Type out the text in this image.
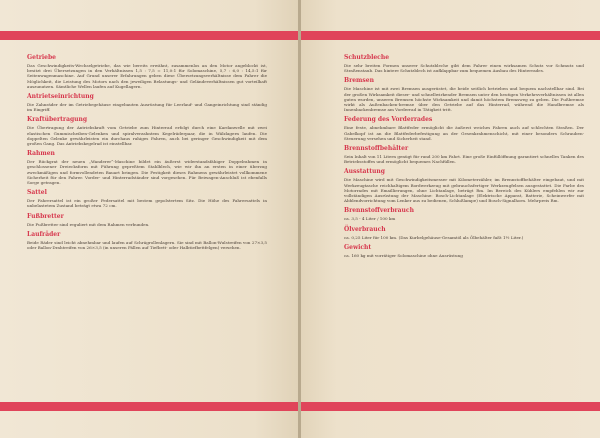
Getriebe

Das Geschwindigkeits-Wechselgetriebe, das wie bereits erwähnt, zusammenlos an den Motor angeblockt ist, besitzt drei Übersetzungen in den Verhältnissen 1,5 : 7,5 = 11,0:1 für Solomaschine, 5,7 : 6,0 : 14,5:1 für Seitenwagenmaschine. Auf Grund unserer Erfahrungen geben diese Übersetzungsverhältnisse dem Fahrer die Möglichkeit, die Leistung des Motors nach den jeweiligen Belastungs- und Geländeverhältnissen gut vorteilhaft auszunutzen. Sämtliche Wellen laufen auf Kugellagern.

Antrietseinrichtung

Die Zahnräder der im Getriebegehäuse eingebauten Ausrüstung für Leerlauf- und Gangeinrichtung sind ständig im Eingriff.

Kraftübertragung

Die Übertragung der Antriebskraft vom Getriebe zum Hinterrad erfolgt durch eine Kardanwelle mit zwei elastischen Gummischeiben-Gelenken und spiralverzahntem Kegelräderpaar, die in Wälzlagern laufen. Die doppelten Gelenke gewährleisten ein durchaus ruhiges Fahren, auch bei geringer Geschwindigkeit mit dem großen Gang. Das Antriebskegelrad ist einstellbar.

Rahmen

Der Rückgrat der neuen „Wanderer“-Maschine bildet ein äußerst widerstandsfähiger Doppelrahmen in geschlossener Dreiecksform mit Führung gepreßtem Stahlblech, wie wir ihn an ersten in einer überzug zweckmäßigen und formvollendeten Bauart bringen. Die Festigkeit dieses Rahmens gewährleistet vollkommene Sicherheit für den Fahrer. Vorder- und Hinterradständer sind vorgesehen. Für Beiwagen-Anschluß ist ebenfalls Sorge getragen.

Sattel

Der Fahrersattel ist ein großer Federsattel mit bestem gepolstertem Sitz. Die Höhe des Fahrersattels in unbelastetem Zustand beträgt etwa 72 cm.

Fußbretter

Die Fußbretter sind reguliert mit dem Rahmen verbunden.

Laufräder

Beide Räder sind leicht abnehmbar und laufen auf Schrägrollenlagern. Sie sind mit Ballon-Wulstreifen von 27×3,5 oder Ballon-Drahtreifen von 26×3,5 (in unseren Fällen auf Tiefbett- oder Halbtiefbettfelgen) versehen.

Schutzbleche

Die sehr breiten Formen unserer Schutzbleche gibt dem Fahrer einen wirksamen Schutz vor Schmutz und Straßenstaub. Das hintere Schutzblech ist aufklappbar zum bequemen Ausbau des Hinterrades.

Bremsen

Die Maschine ist mit zwei Bremsen ausgerüstet, die beide seitlich betrieben und bequem nachstellbar sind. Bei der großen Wirksamkeit dieser- und schnellwirkender Bremsen unter den heutigen Verkehrsverhältnissen ist allen guten wurden, unseren Bremsen höchste Wirksamkeit und damit höchstem Bremsweg zu geben. Die Fußbremse wirkt als Außenbacken-bremse über den Getriebe auf das Hinterrad, während die Handbremse als Innenbackenbremse am Vorderrad in Tätigkeit tritt.

Federung des Vorderrades

Eine feste, abnehmbare Blattfeder ermöglicht die äußerst weiches Fahren auch auf schlechten Straßen. Der Gabelkopf ist an die Blattfederbefestigung an der Gesenkrahmenschicht, mit einer besonders Schrauben-Steuerung versehen und Sicherheit stand.

Brennstoffbehälter

Sein Inhalt von 11 Litern genügt für rund 200 km Fahrt. Eine große Einfüllöffnung garantiert schnelles Tanken des Betriebsstoffes und ermöglicht bequemes Nachfüllen.

Ausstattung

Die Maschine wird mit Geschwindigkeitsmesser mit Kilometerzähler, im Brennstoffbehälter eingebaut, und mit Werkzeugtasche reichhaltigem Bordwerkzeug mit gebrauchsfertiger Werkzeugfelsen ausgestattet. Die Farbe des Motorrades mit Emaillierungen, ohne Lichtanlage, beträgt Rm. Im Bereich des Kühlers empfehlen wir zur vollständigen Ausrüstung der Maschine: Bosch-Lichtanlage (Elektrische Apparat, Batterie, Scheinwerfer mit Abblendvorrichtung vom Lenker aus zu bedienen, Schlußlampe) und Bosch-Signalhorn. Mehrpreis Rm.

Brennstoffverbrauch

ca. 3,5 - 4 Liter / 100 km

Ölverbrauch

ca. 0,25 Liter für 100 km. (Das Kurbelgehäuse-Gesamtöl als Ölbehälter faßt 1½ Liter.)

Gewicht

ca. 160 kg mit vorrätiger Solomaschine ohne Ausrüstung
